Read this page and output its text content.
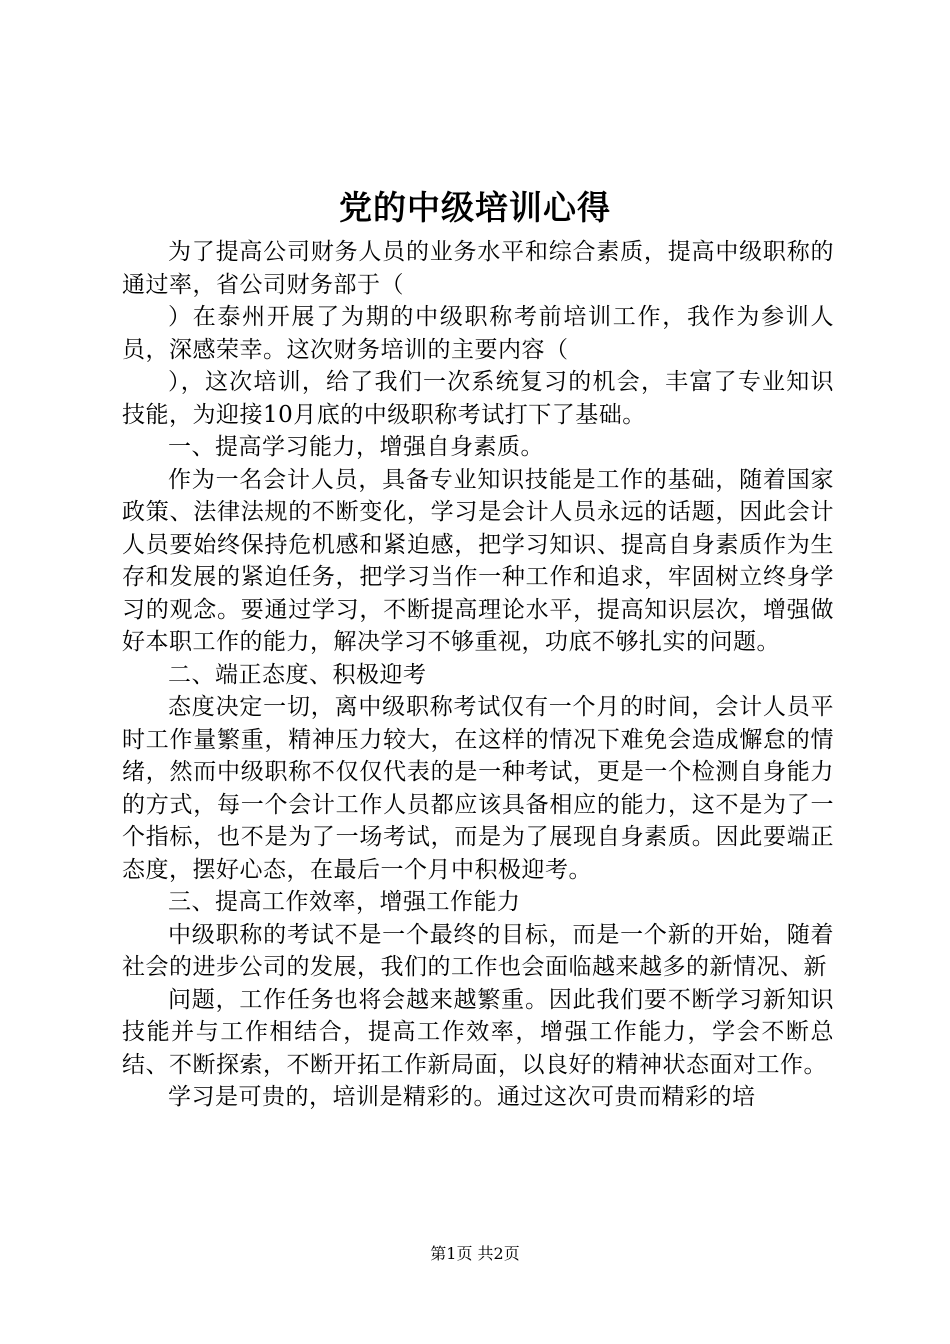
党的中级培训心得

为了提高公司财务人员的业务水平和综合素质，提高中级职称的通过率，省公司财务部于（

）在泰州开展了为期的中级职称考前培训工作，我作为参训人员，深感荣幸。这次财务培训的主要内容（

），这次培训，给了我们一次系统复习的机会，丰富了专业知识技能，为迎接10月底的中级职称考试打下了基础。

一、提高学习能力，增强自身素质。

作为一名会计人员，具备专业知识技能是工作的基础，随着国家政策、法律法规的不断变化，学习是会计人员永远的话题，因此会计人员要始终保持危机感和紧迫感，把学习知识、提高自身素质作为生存和发展的紧迫任务，把学习当作一种工作和追求，牢固树立终身学习的观念。要通过学习，不断提高理论水平，提高知识层次，增强做好本职工作的能力，解决学习不够重视，功底不够扎实的问题。

二、端正态度、积极迎考

态度决定一切，离中级职称考试仅有一个月的时间，会计人员平时工作量繁重，精神压力较大，在这样的情况下难免会造成懈怠的情绪，然而中级职称不仅仅代表的是一种考试，更是一个检测自身能力的方式，每一个会计工作人员都应该具备相应的能力，这不是为了一个指标，也不是为了一场考试，而是为了展现自身素质。因此要端正态度，摆好心态，在最后一个月中积极迎考。

三、提高工作效率，增强工作能力

中级职称的考试不是一个最终的目标，而是一个新的开始，随着社会的进步公司的发展，我们的工作也会面临越来越多的新情况、新

问题，工作任务也将会越来越繁重。因此我们要不断学习新知识技能并与工作相结合，提高工作效率，增强工作能力，学会不断总结、不断探索，不断开拓工作新局面，以良好的精神状态面对工作。

学习是可贵的，培训是精彩的。通过这次可贵而精彩的培

第1页 共2页
